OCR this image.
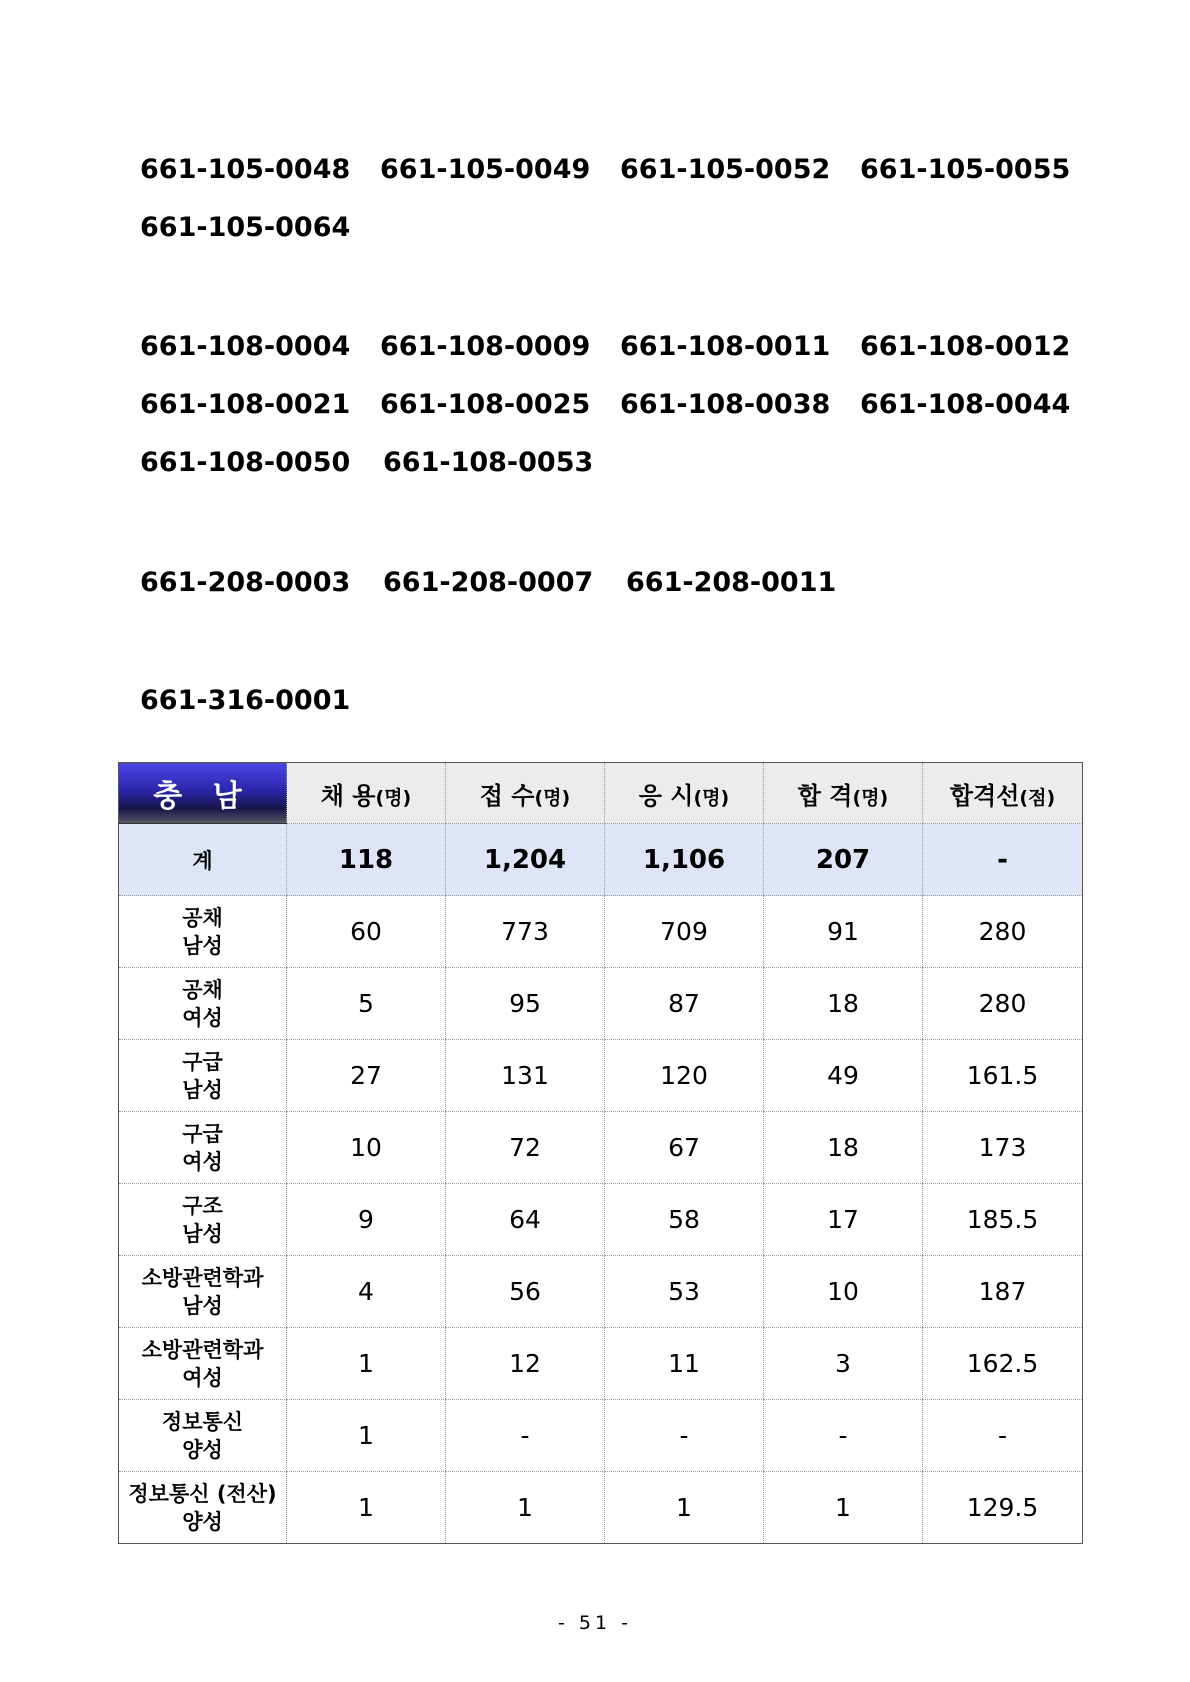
661-105-0048	661-105-0049	661-105-0052	661-105-0055
661-105-0064
661-108-0004	661-108-0009	661-108-0011	661-108-0012
661-108-0021	661-108-0025	661-108-0038	661-108-0044
661-108-0050	661-108-0053
661-208-0003	661-208-0007	661-208-0011
661-316-0001
충 남	채 용(명)	접 수(명)	응 시(명)	합 격(명)	합격선(점)
계	118	1,204	1,106	207	-

공채
남성	60	773	709	91	280

공채
여성	5	95	87	18	280

구급
남성	27	131	120	49	161.5

구급
여성	10	72	67	18	173

구조
남성	9	64	58	17	185.5

소방관련학과
남성	4	56	53	10	187

소방관련학과
여성	1	12	11	3	162.5

정보통신
양성	1	-	-	-	-

정보통신 (전산)
양성	1	1	1	1	129.5
- 51 -
